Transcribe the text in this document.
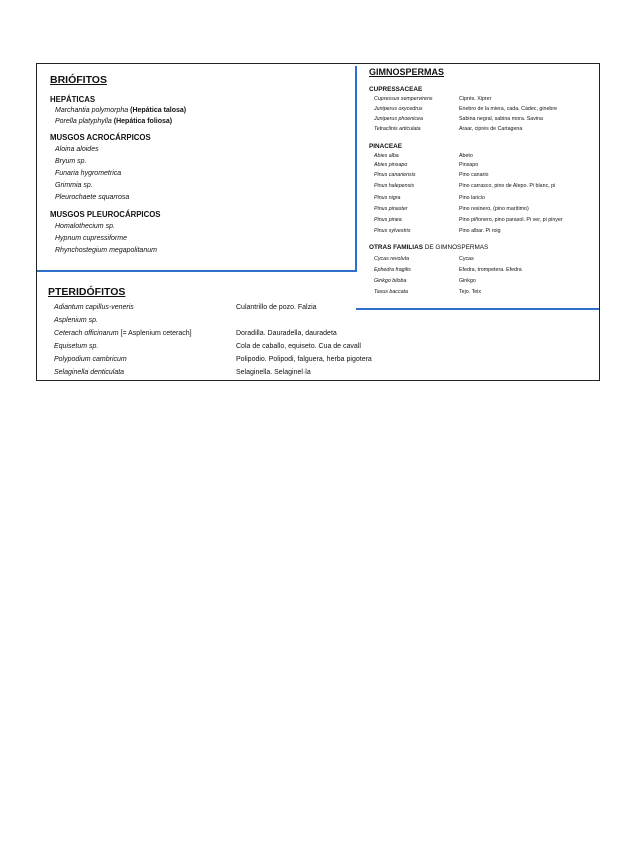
BRIÓFITOS
HEPÁTICAS
Marchantia polymorpha (Hepática talosa)
Porella platyphylla (Hepática foliosa)
MUSGOS ACROCÁRPICOS
Aloina aloides
Bryum sp.
Funaria hygrometrica
Grimmia sp.
Pleurochaete squarrosa
MUSGOS PLEUROCÁRPICOS
Homalothecium sp.
Hypnum cupressiforme
Rhynchostegium megapolitanum
GIMNOSPERMAS
CUPRESSACEAE
Cupressus sempervirens	Ciprés. Xiprer
Juniperus oxycedrus	Enebro de la miera, cada. Càdec, ginebre
Juniperus phoenicea	Sabina negral, sabina mora. Savina
Tetraclinis articulata	Araar, ciprés de Cartagena
PINACEAE
Abies alba	Abeto
Abies pinsapo	Pinsapo
Pinus canariensis	Pino canario
Pinus halepensis	Pino carrasco, pino de Alepo. Pi blanc, pi
Pinus nigra	Pino laricio
Pinus pinaster	Pino resinero, (pino marítimo)
Pinus pinea	Pino piñonero, pino parasol. Pi ver, pi pinyer
Pinus sylvestris	Pino albar. Pi roig
OTRAS FAMILIAS DE GIMNOSPERMAS
Cycas revoluta	Cycas
Ephedra fragilis	Efedra, trompetera. Efedra
Ginkgo biloba	Ginkgo
Taxus baccata	Tejo. Teix
PTERIDÓFITOS
Adiantum capillus-veneris	Culantrillo de pozo. Falzia
Asplenium sp.
Ceterach officinarum [= Asplenium ceterach]	Doradilla. Dauradella, dauradeta
Equisetum sp.	Cola de caballo, equiseto. Cua de cavall
Polypodium cambricum	Polipodio. Polipodi, falguera, herba pigotera
Selaginella denticulata	Selaginella. Selaginel·la
